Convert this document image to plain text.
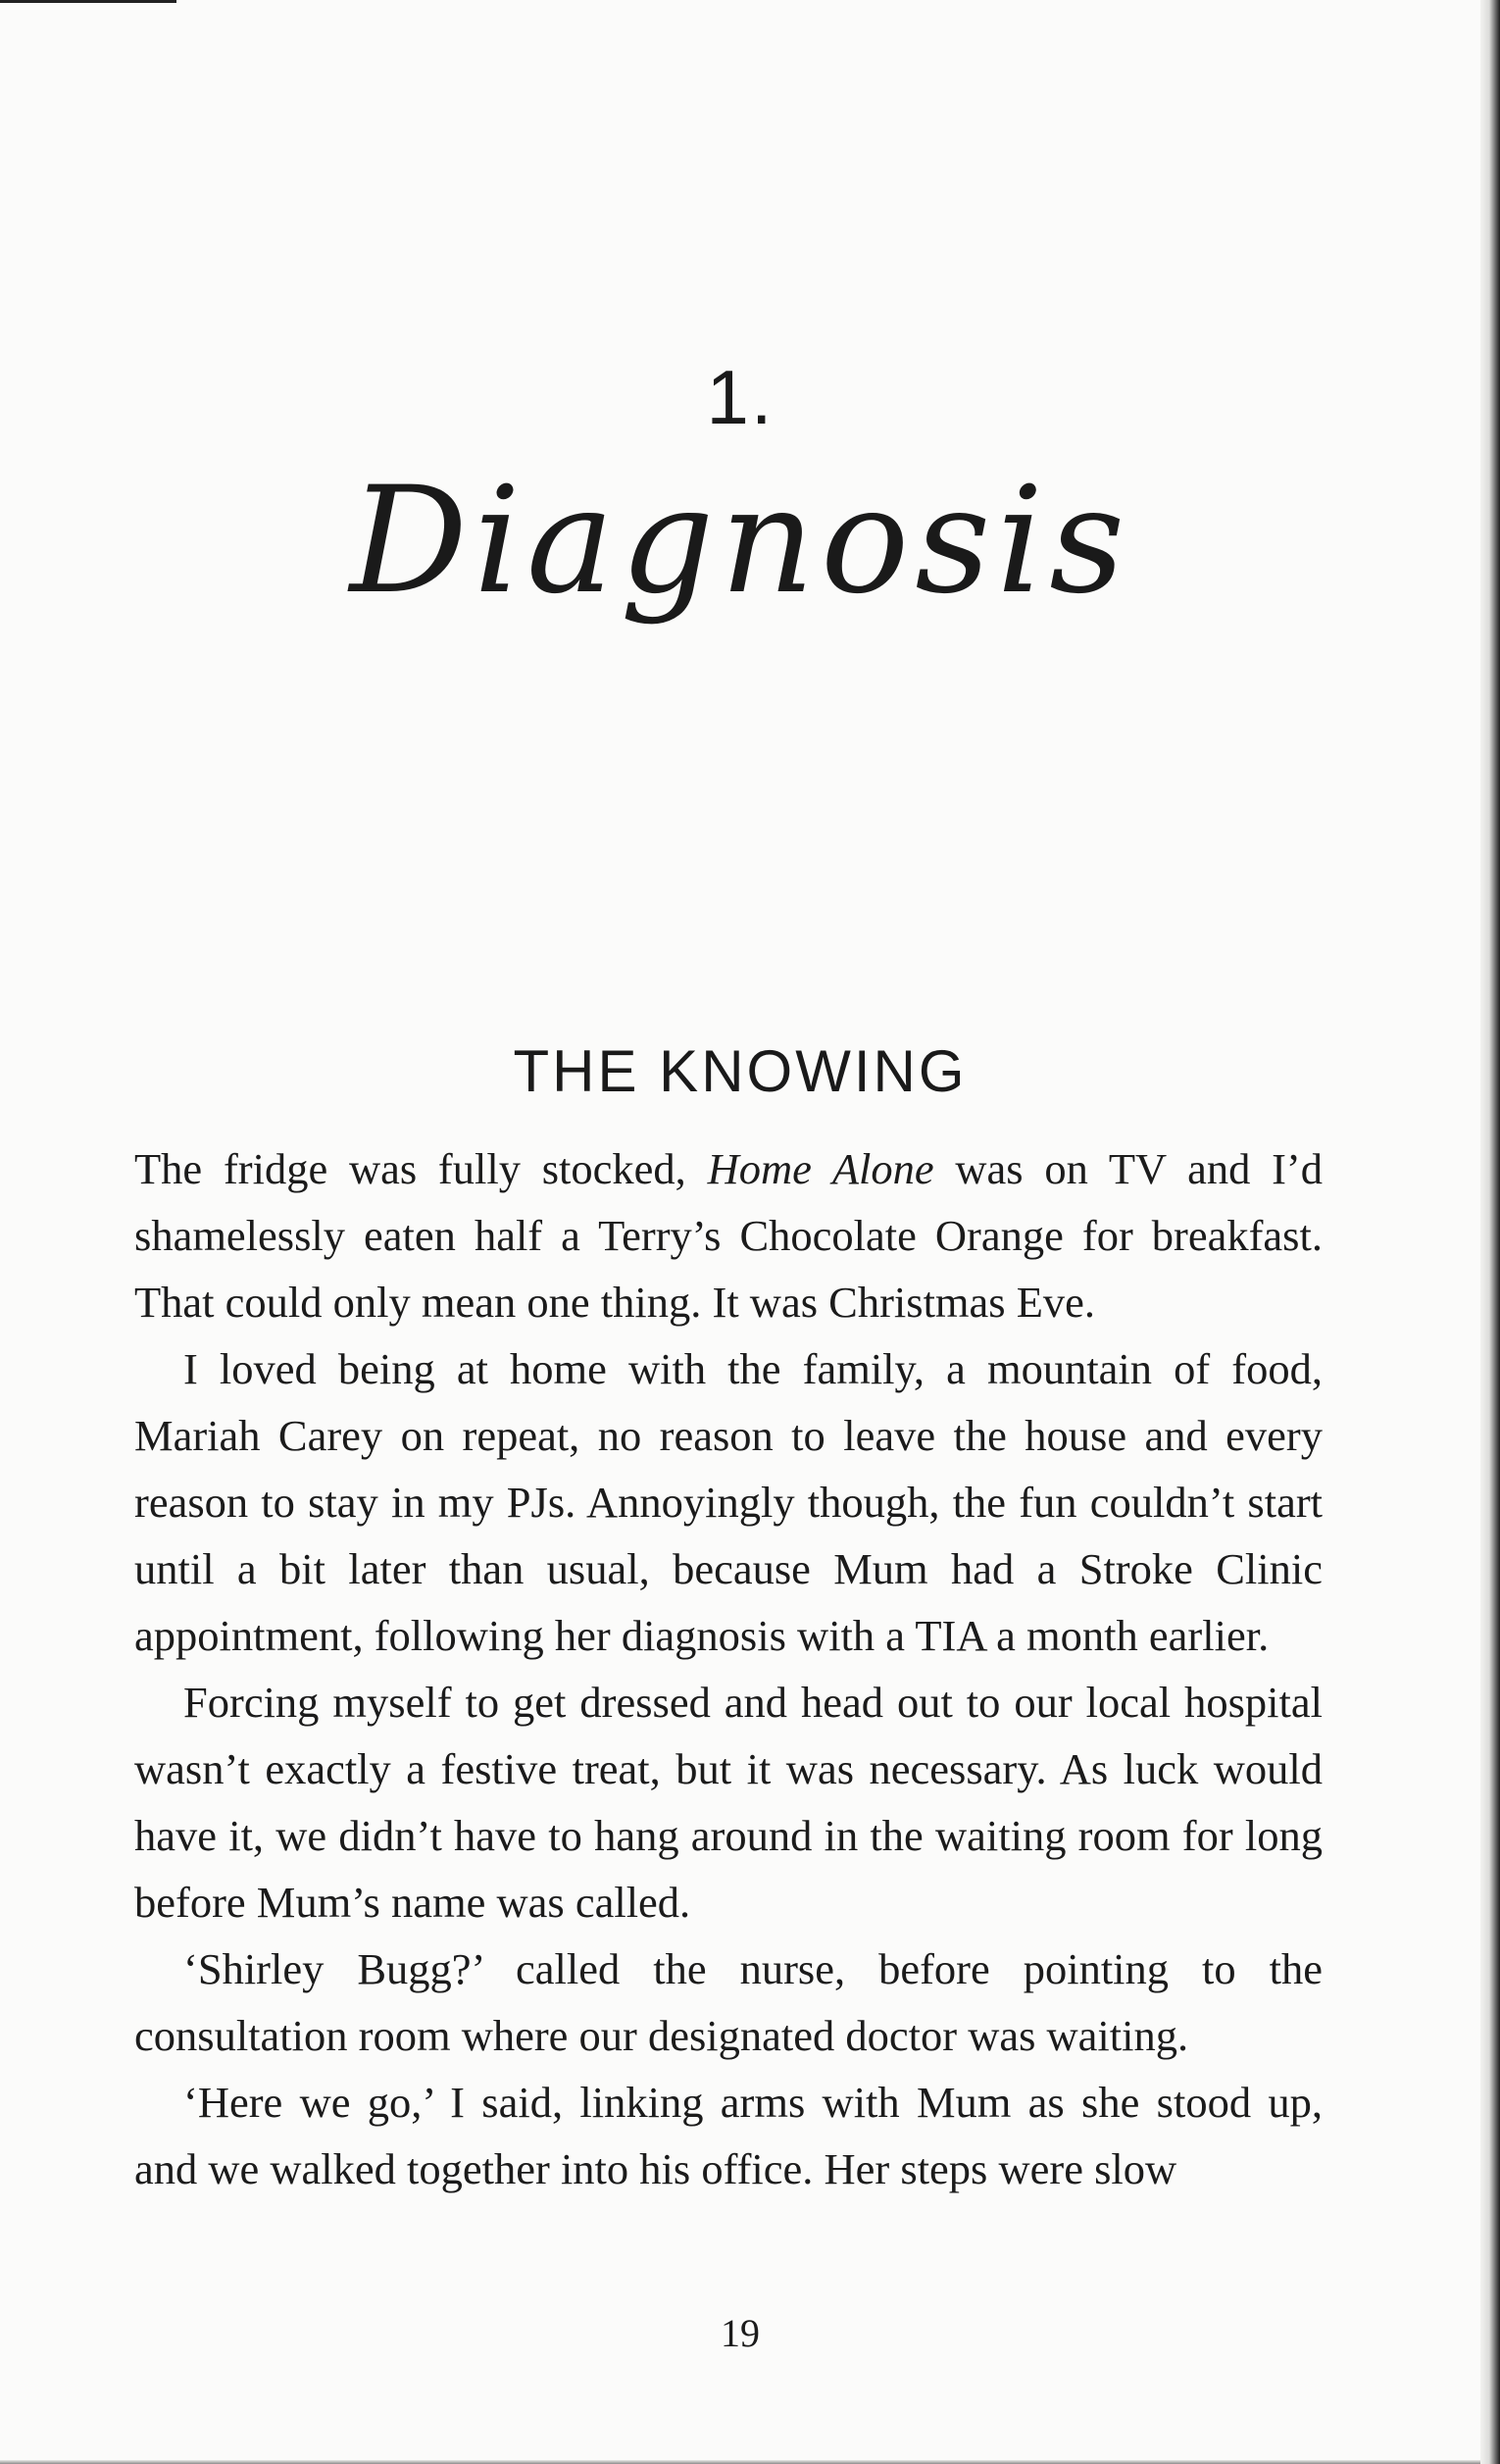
1.
Diagnosis
THE KNOWING

The fridge was fully stocked, Home Alone was on TV and I’d shamelessly eaten half a Terry’s Chocolate Orange for breakfast. That could only mean one thing. It was Christmas Eve.

I loved being at home with the family, a mountain of food, Mariah Carey on repeat, no reason to leave the house and every reason to stay in my PJs. Annoyingly though, the fun couldn’t start until a bit later than usual, because Mum had a Stroke Clinic appointment, following her diagnosis with a TIA a month earlier.

Forcing myself to get dressed and head out to our local hospital wasn’t exactly a festive treat, but it was necessary. As luck would have it, we didn’t have to hang around in the waiting room for long before Mum’s name was called.

‘Shirley Bugg?’ called the nurse, before pointing to the consultation room where our designated doctor was waiting.

‘Here we go,’ I said, linking arms with Mum as she stood up, and we walked together into his office. Her steps were slow

19
